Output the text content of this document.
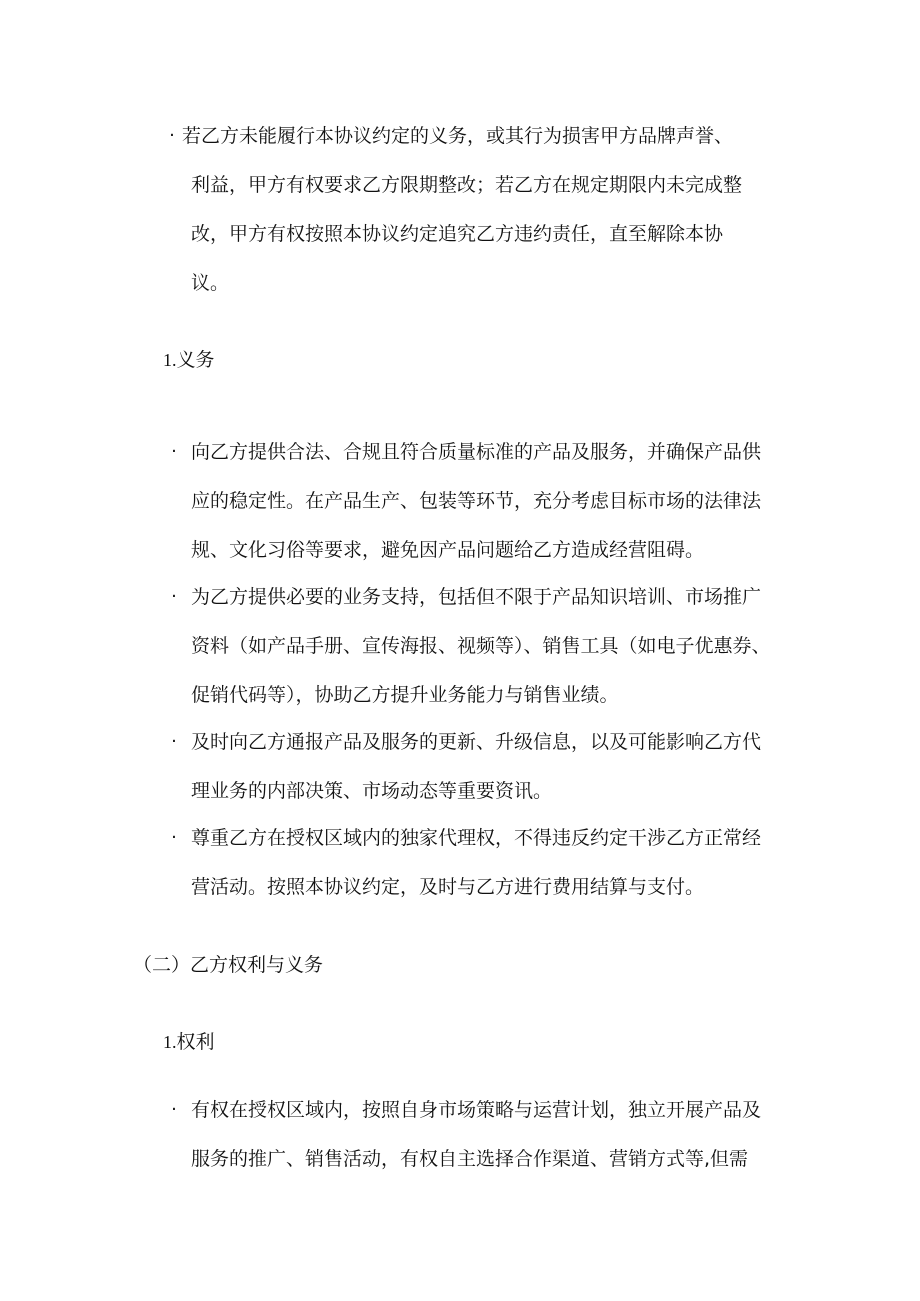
· 若乙方未能履行本协议约定的义务，或其行为损害甲方品牌声誉、
利益，甲方有权要求乙方限期整改；若乙方在规定期限内未完成整
改，甲方有权按照本协议约定追究乙方违约责任，直至解除本协
议。
1.义务
· 向乙方提供合法、合规且符合质量标准的产品及服务，并确保产品供
应的稳定性。在产品生产、包装等环节，充分考虑目标市场的法律法
规、文化习俗等要求，避免因产品问题给乙方造成经营阻碍。
· 为乙方提供必要的业务支持，包括但不限于产品知识培训、市场推广
资料（如产品手册、宣传海报、视频等）、销售工具（如电子优惠券、
促销代码等），协助乙方提升业务能力与销售业绩。
· 及时向乙方通报产品及服务的更新、升级信息，以及可能影响乙方代
理业务的内部决策、市场动态等重要资讯。
· 尊重乙方在授权区域内的独家代理权，不得违反约定干涉乙方正常经
营活动。按照本协议约定，及时与乙方进行费用结算与支付。
（二）乙方权利与义务
1.权利
· 有权在授权区域内，按照自身市场策略与运营计划，独立开展产品及
服务的推广、销售活动，有权自主选择合作渠道、营销方式等,但需
